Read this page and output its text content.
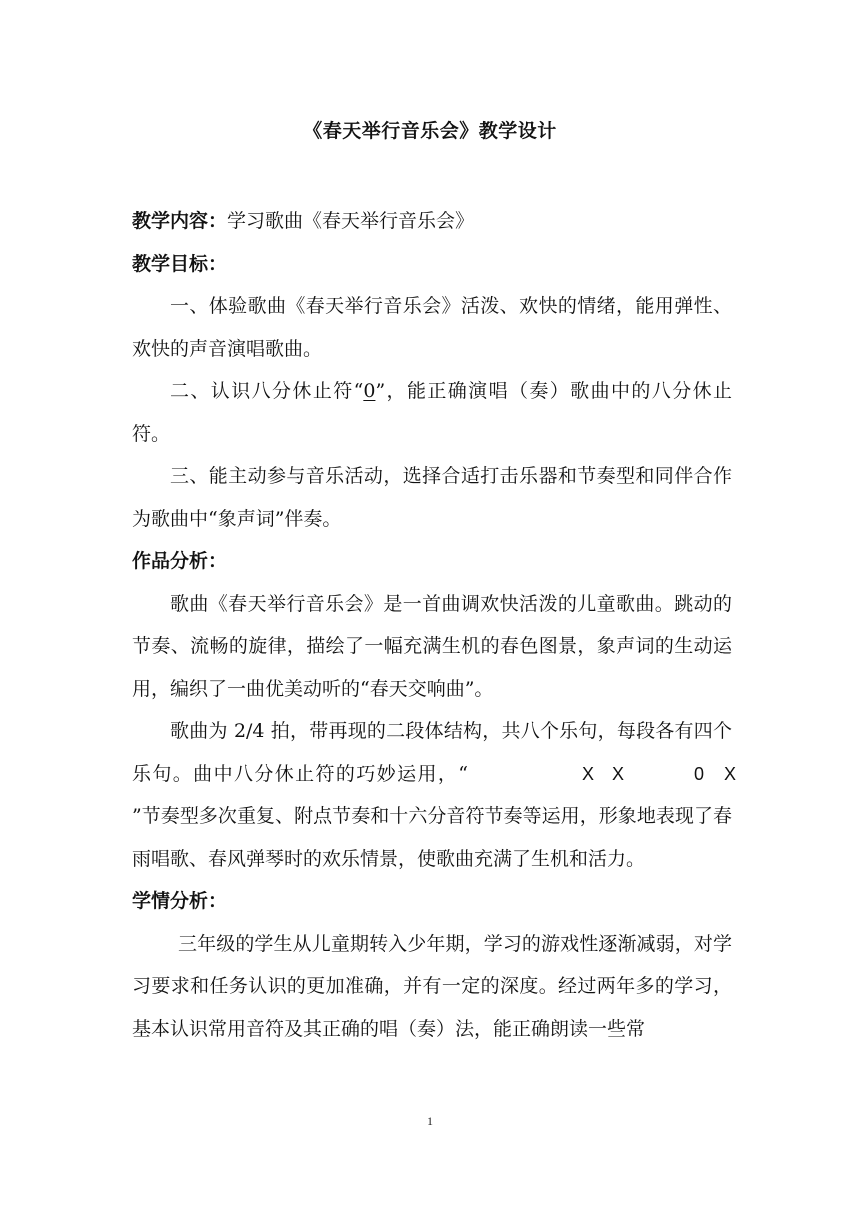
《春天举行音乐会》教学设计

教学内容：学习歌曲《春天举行音乐会》

教学目标：

一、体验歌曲《春天举行音乐会》活泼、欢快的情绪，能用弹性、欢快的声音演唱歌曲。

二、认识八分休止符“0”，能正确演唱（奏）歌曲中的八分休止符。

三、能主动参与音乐活动，选择合适打击乐器和节奏型和同伴合作为歌曲中“象声词”伴奏。

作品分析：

歌曲《春天举行音乐会》是一首曲调欢快活泼的儿童歌曲。跳动的节奏、流畅的旋律，描绘了一幅充满生机的春色图景，象声词的生动运用，编织了一曲优美动听的“春天交响曲”。

歌曲为 2/4 拍，带再现的二段体结构，共八个乐句，每段各有四个乐句。曲中八分休止符的巧妙运用，“	X X	0 X”节奏型多次重复、附点节奏和十六分音符节奏等运用，形象地表现了春雨唱歌、春风弹琴时的欢乐情景，使歌曲充满了生机和活力。

学情分析：

三年级的学生从儿童期转入少年期，学习的游戏性逐渐减弱，对学习要求和任务认识的更加准确，并有一定的深度。经过两年多的学习，基本认识常用音符及其正确的唱（奏）法，能正确朗读一些常

1
